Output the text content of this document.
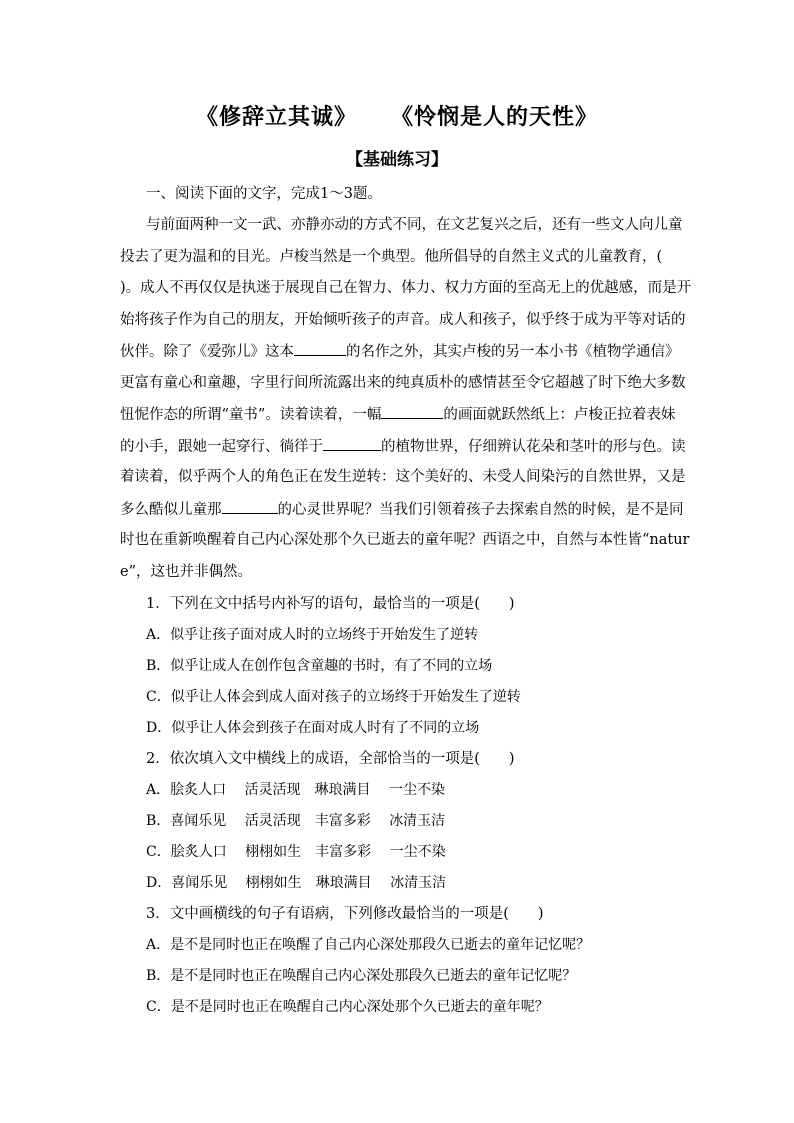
《修辞立其诚》 《怜悯是人的天性》
【基础练习】
一、阅读下面的文字，完成1～3题。
与前面两种一文一武、亦静亦动的方式不同，在文艺复兴之后，还有一些文人向儿童
投去了更为温和的目光。卢梭当然是一个典型。他所倡导的自然主义式的儿童教育，(
)。成人不再仅仅是执迷于展现自己在智力、体力、权力方面的至高无上的优越感，而是开
始将孩子作为自己的朋友，开始倾听孩子的声音。成人和孩子，似乎终于成为平等对话的
伙伴。除了《爱弥儿》这本	的名作之外，其实卢梭的另一本小书《植物学通信》
更富有童心和童趣，字里行间所流露出来的纯真质朴的感情甚至令它超越了时下绝大多数
忸怩作态的所谓“童书”。读着读着，一幅	的画面就跃然纸上：卢梭正拉着表妹
的小手，跟她一起穿行、徜徉于	的植物世界，仔细辨认花朵和茎叶的形与色。读
着读着，似乎两个人的角色正在发生逆转：这个美好的、未受人间染污的自然世界，又是
多么酷似儿童那	的心灵世界呢？当我们引领着孩子去探索自然的时候，是不是同
时也在重新唤醒着自己内心深处那个久已逝去的童年呢？西语之中，自然与本性皆“natur
e”，这也并非偶然。
1．下列在文中括号内补写的语句，最恰当的一项是(　　)
A．似乎让孩子面对成人时的立场终于开始发生了逆转
B．似乎让成人在创作包含童趣的书时，有了不同的立场
C．似乎让人体会到成人面对孩子的立场终于开始发生了逆转
D．似乎让人体会到孩子在面对成人时有了不同的立场
2．依次填入文中横线上的成语，全部恰当的一项是(　　)
A．脍炙人口　 活灵活现　琳琅满目　 一尘不染
B．喜闻乐见　 活灵活现　丰富多彩　 冰清玉洁
C．脍炙人口　 栩栩如生　丰富多彩　 一尘不染
D．喜闻乐见　 栩栩如生　琳琅满目　 冰清玉洁
3．文中画横线的句子有语病，下列修改最恰当的一项是(　　)
A．是不是同时也正在唤醒了自己内心深处那段久已逝去的童年记忆呢？
B．是不是同时也正在唤醒自己内心深处那段久已逝去的童年记忆呢？
C．是不是同时也正在唤醒自己内心深处那个久已逝去的童年呢？
